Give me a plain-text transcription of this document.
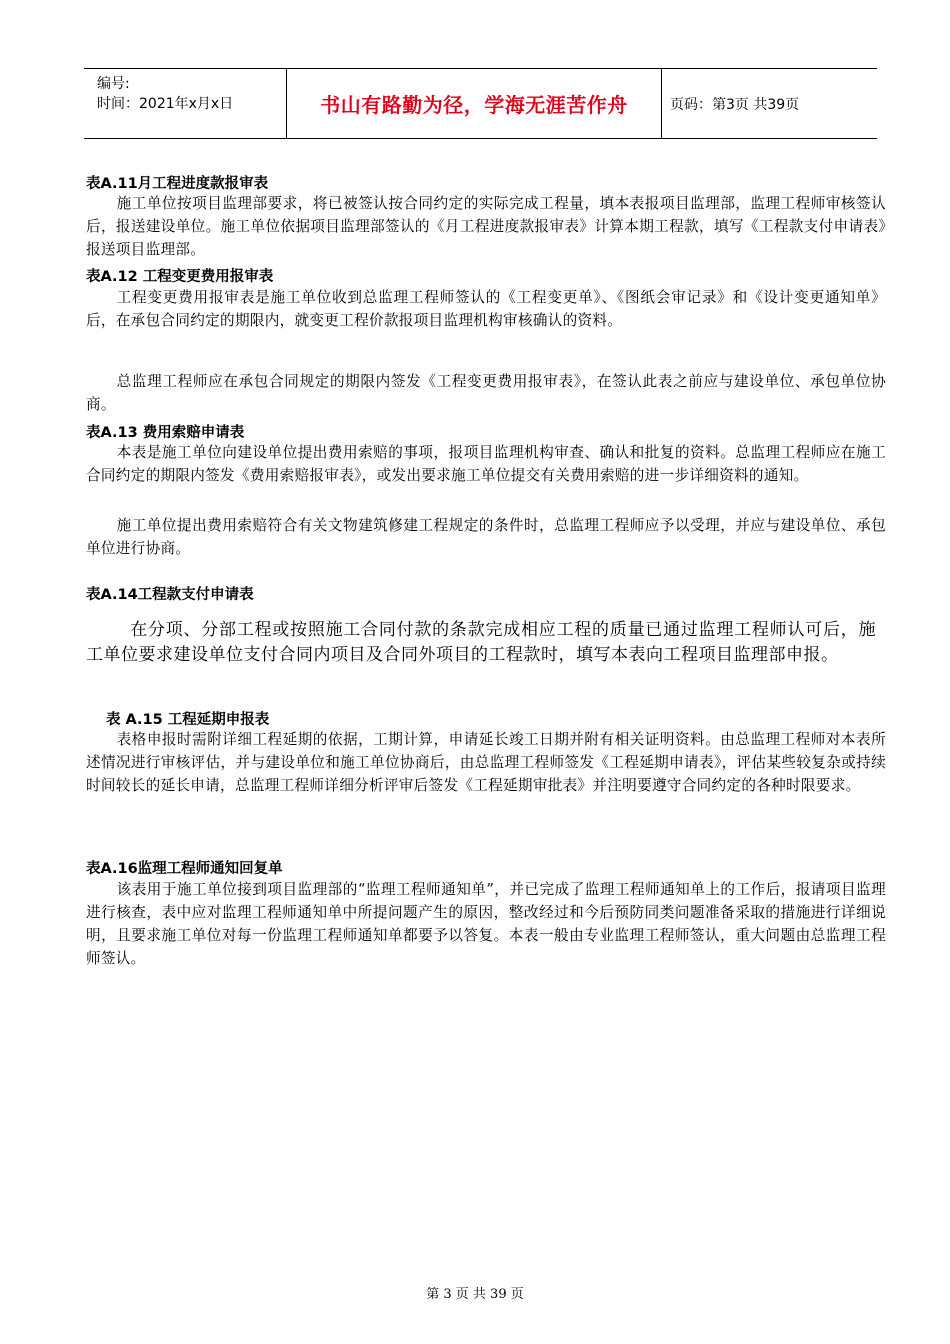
编号:
时间：2021年x月x日	书山有路勤为径，学海无涯苦作舟	页码：第3页 共39页
表A.11月工程进度款报审表
施工单位按项目监理部要求，将已被签认按合同约定的实际完成工程量，填本表报项目监理部，监理工程师审核签认后，报送建设单位。施工单位依据项目监理部签认的《月工程进度款报审表》计算本期工程款，填写《工程款支付申请表》报送项目监理部。
表A.12 工程变更费用报审表
工程变更费用报审表是施工单位收到总监理工程师签认的《工程变更单》、《图纸会审记录》和《设计变更通知单》后，在承包合同约定的期限内，就变更工程价款报项目监理机构审核确认的资料。
总监理工程师应在承包合同规定的期限内签发《工程变更费用报审表》，在签认此表之前应与建设单位、承包单位协商。
表A.13 费用索赔申请表
本表是施工单位向建设单位提出费用索赔的事项，报项目监理机构审查、确认和批复的资料。总监理工程师应在施工合同约定的期限内签发《费用索赔报审表》，或发出要求施工单位提交有关费用索赔的进一步详细资料的通知。
施工单位提出费用索赔符合有关文物建筑修建工程规定的条件时，总监理工程师应予以受理，并应与建设单位、承包单位进行协商。
表A.14工程款支付申请表
在分项、分部工程或按照施工合同付款的条款完成相应工程的质量已通过监理工程师认可后，施工单位要求建设单位支付合同内项目及合同外项目的工程款时，填写本表向工程项目监理部申报。
表 A.15 工程延期申报表
表格申报时需附详细工程延期的依据，工期计算，申请延长竣工日期并附有相关证明资料。由总监理工程师对本表所述情况进行审核评估，并与建设单位和施工单位协商后，由总监理工程师签发《工程延期申请表》，评估某些较复杂或持续时间较长的延长申请，总监理工程师详细分析评审后签发《工程延期审批表》并注明要遵守合同约定的各种时限要求。
表A.16监理工程师通知回复单
该表用于施工单位接到项目监理部的“监理工程师通知单”，并已完成了监理工程师通知单上的工作后，报请项目监理进行核查，表中应对监理工程师通知单中所提问题产生的原因，整改经过和今后预防同类问题准备采取的措施进行详细说明，且要求施工单位对每一份监理工程师通知单都要予以答复。本表一般由专业监理工程师签认，重大问题由总监理工程师签认。
第 3 页 共 39 页
